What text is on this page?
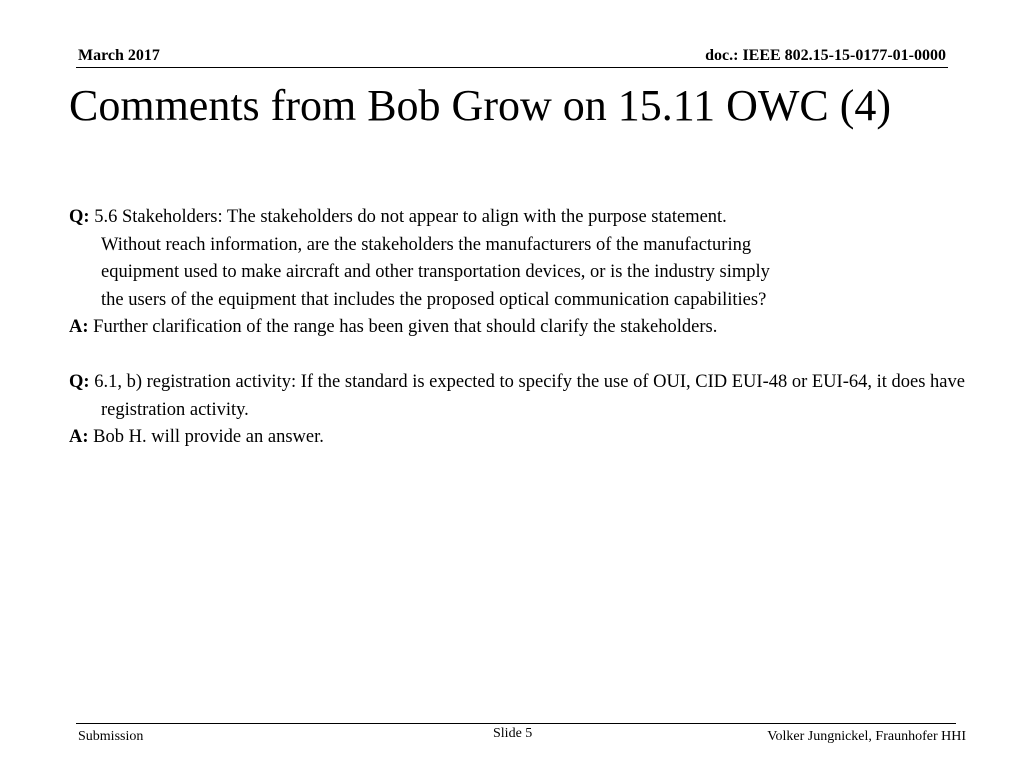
March 2017	doc.: IEEE 802.15-15-0177-01-0000
Comments from Bob Grow on 15.11 OWC (4)

Q: 5.6 Stakeholders: The stakeholders do not appear to align with the purpose statement. Without reach information, are the stakeholders the manufacturers of the manufacturing equipment used to make aircraft and other transportation devices, or is the industry simply the users of the equipment that includes the proposed optical communication capabilities?

A: Further clarification of the range has been given that should clarify the stakeholders.

Q: 6.1, b) registration activity: If the standard is expected to specify the use of OUI, CID EUI-48 or EUI-64, it does have registration activity.

A: Bob H. will provide an answer.

Submission	Slide 5	Volker Jungnickel, Fraunhofer HHI
